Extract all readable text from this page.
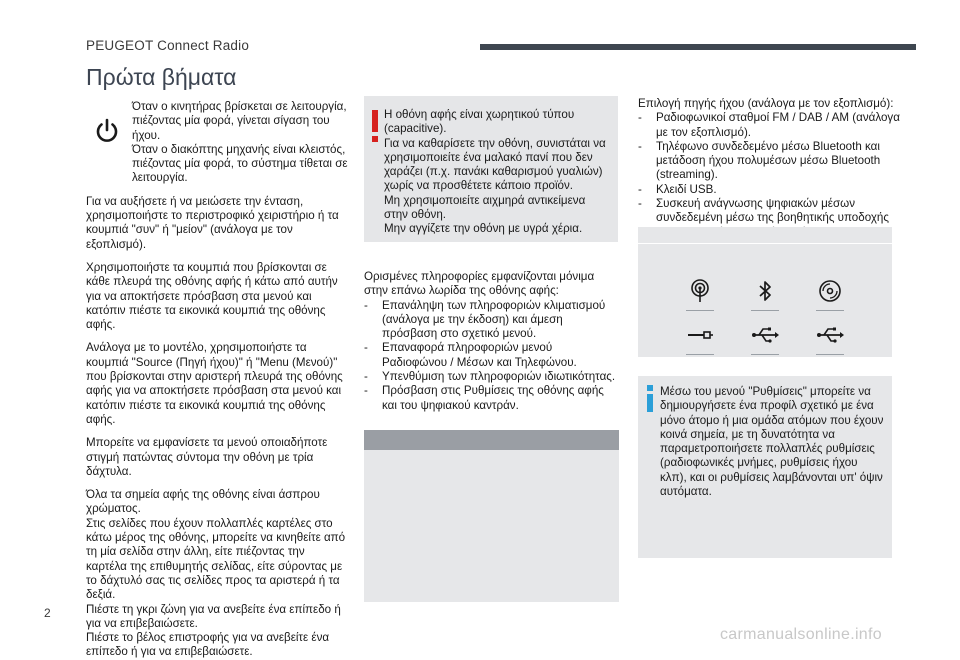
PEUGEOT Connect Radio
Πρώτα βήματα

Όταν ο κινητήρας βρίσκεται σε λειτουργία, πιέζοντας μία φορά, γίνεται σίγαση του ήχου.
Όταν ο διακόπτης μηχανής είναι κλειστός, πιέζοντας μία φορά, το σύστημα τίθεται σε λειτουργία.

Για να αυξήσετε ή να μειώσετε την ένταση, χρησιμοποιήστε το περιστροφικό χειριστήριο ή τα κουμπιά "συν" ή "μείον" (ανάλογα με τον εξοπλισμό).

Χρησιμοποιήστε τα κουμπιά που βρίσκονται σε κάθε πλευρά της οθόνης αφής ή κάτω από αυτήν για να αποκτήσετε πρόσβαση στα μενού και κατόπιν πιέστε τα εικονικά κουμπιά της οθόνης αφής.

Ανάλογα με το μοντέλο, χρησιμοποιήστε τα κουμπιά "Source (Πηγή ήχου)" ή "Menu (Μενού)" που βρίσκονται στην αριστερή πλευρά της οθόνης αφής για να αποκτήσετε πρόσβαση στα μενού και κατόπιν πιέστε τα εικονικά κουμπιά της οθόνης αφής.

Μπορείτε να εμφανίσετε τα μενού οποιαδήποτε στιγμή πατώντας σύντομα την οθόνη με τρία δάχτυλα.

Όλα τα σημεία αφής της οθόνης είναι άσπρου χρώματος.
Στις σελίδες που έχουν πολλαπλές καρτέλες στο κάτω μέρος της οθόνης, μπορείτε να κινηθείτε από τη μία σελίδα στην άλλη, είτε πιέζοντας την καρτέλα της επιθυμητής σελίδας, είτε σύροντας με το δάχτυλό σας τις σελίδες προς τα αριστερά ή τα δεξιά.
Πιέστε τη γκρι ζώνη για να ανεβείτε ένα επίπεδο ή για να επιβεβαιώσετε.
Πιέστε το βέλος επιστροφής για να ανεβείτε ένα επίπεδο ή για να επιβεβαιώσετε.

Η οθόνη αφής είναι χωρητικού τύπου (capacitive).
Για να καθαρίσετε την οθόνη, συνιστάται να χρησιμοποιείτε ένα μαλακό πανί που δεν χαράζει (π.χ. πανάκι καθαρισμού γυαλιών) χωρίς να προσθέτετε κάποιο προϊόν.
Μη χρησιμοποιείτε αιχμηρά αντικείμενα στην οθόνη.
Μην αγγίζετε την οθόνη με υγρά χέρια.

Ορισμένες πληροφορίες εμφανίζονται μόνιμα στην επάνω λωρίδα της οθόνης αφής:

- Επανάληψη των πληροφοριών κλιματισμού (ανάλογα με την έκδοση) και άμεση πρόσβαση στο σχετικό μενού.
- Επαναφορά πληροφοριών μενού Ραδιοφώνου / Μέσων και Τηλεφώνου.
- Υπενθύμιση των πληροφοριών ιδιωτικότητας.
- Πρόσβαση στις Ρυθμίσεις της οθόνης αφής και του ψηφιακού καντράν.

Επιλογή πηγής ήχου (ανάλογα με τον εξοπλισμό):

- Ραδιοφωνικοί σταθμοί FM / DAB / AM (ανάλογα με τον εξοπλισμό).
- Τηλέφωνο συνδεδεμένο μέσω Bluetooth και μετάδοση ήχου πολυμέσων μέσω Bluetooth (streaming).
- Κλειδί USB.
- Συσκευή ανάγνωσης ψηφιακών μέσων συνδεδεμένη μέσω της βοηθητικής υποδοχής
-
Μέσω του μενού "Ρυθμίσεις" μπορείτε να δημιουργήσετε ένα προφίλ σχετικό με ένα μόνο άτομο ή μια ομάδα ατόμων που έχουν κοινά σημεία, με τη δυνατότητα να παραμετροποιήσετε πολλαπλές ρυθμίσεις (ραδιοφωνικές μνήμες, ρυθμίσεις ήχου κλπ), και οι ρυθμίσεις λαμβάνονται υπ' όψιν αυτόματα.
2
carmanualsonline.info
